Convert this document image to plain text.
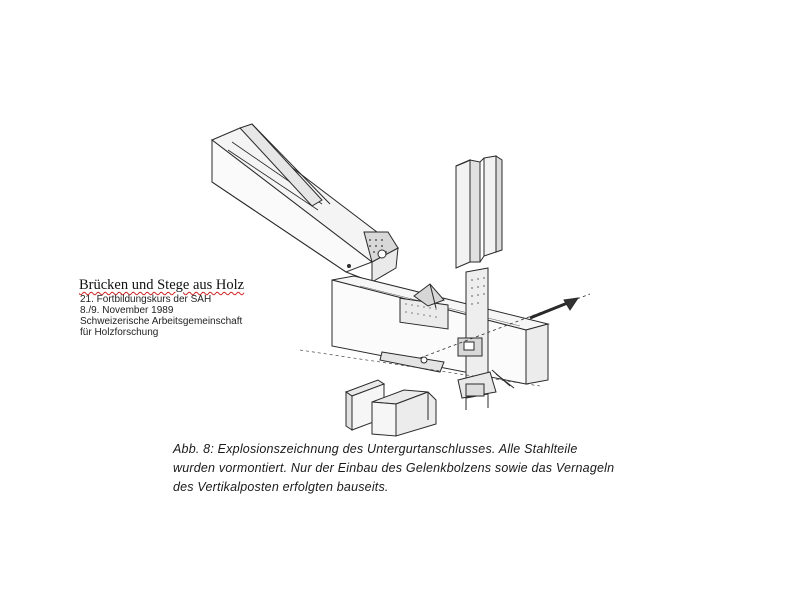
Brücken und Stege aus Holz
21. Fortbildungskurs der SAH
8./9. November 1989
Schweizerische Arbeitsgemeinschaft
für Holzforschung
Abb. 8: Explosionszeichnung des Untergurtanschlusses. Alle Stahlteile
wurden vormontiert. Nur der Einbau des Gelenkbolzens sowie das Vernageln
des Vertikalposten erfolgten bauseits.
